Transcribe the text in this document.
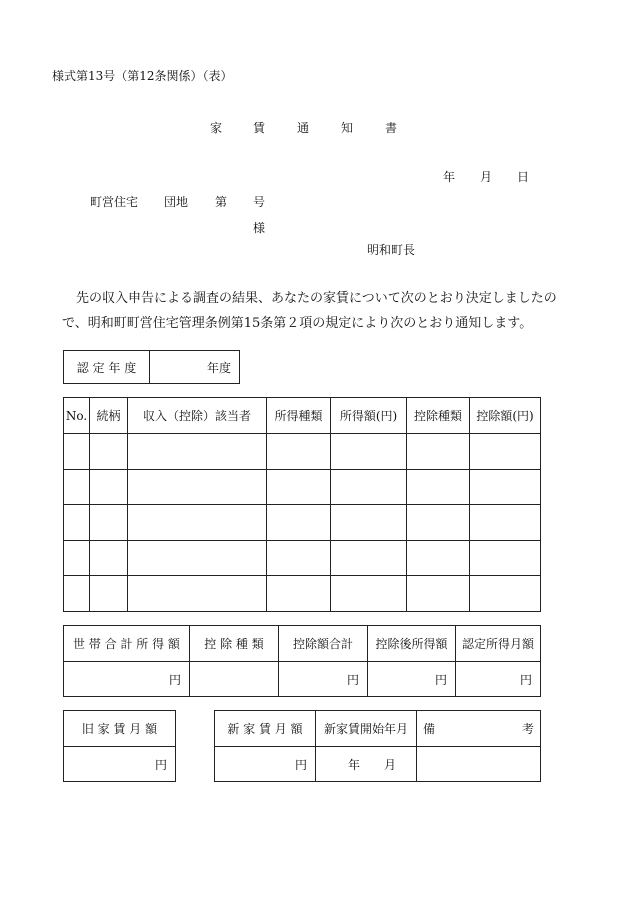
様式第13号（第12条関係）（表）
家	賃	通	知	書
年 月 日
町営住宅 団地 第 号
様
明和町長
先の収入申告による調査の結果、あなたの家賃について次のとおり決定しましたの
で、明和町町営住宅管理条例第15条第２項の規定により次のとおり通知します。
認 定 年 度	年度
No.	続柄	収入（控除）該当者	所得種類	所得額(円)	控除種類	控除額(円)

世 帯 合 計 所 得 額	控 除 種 類	控除額合計	控除後所得額	認定所得月額
円		円	円	円
旧 家 賃 月 額
円
新 家 賃 月 額	新家賃開始年月	備 考

円	年 月	
